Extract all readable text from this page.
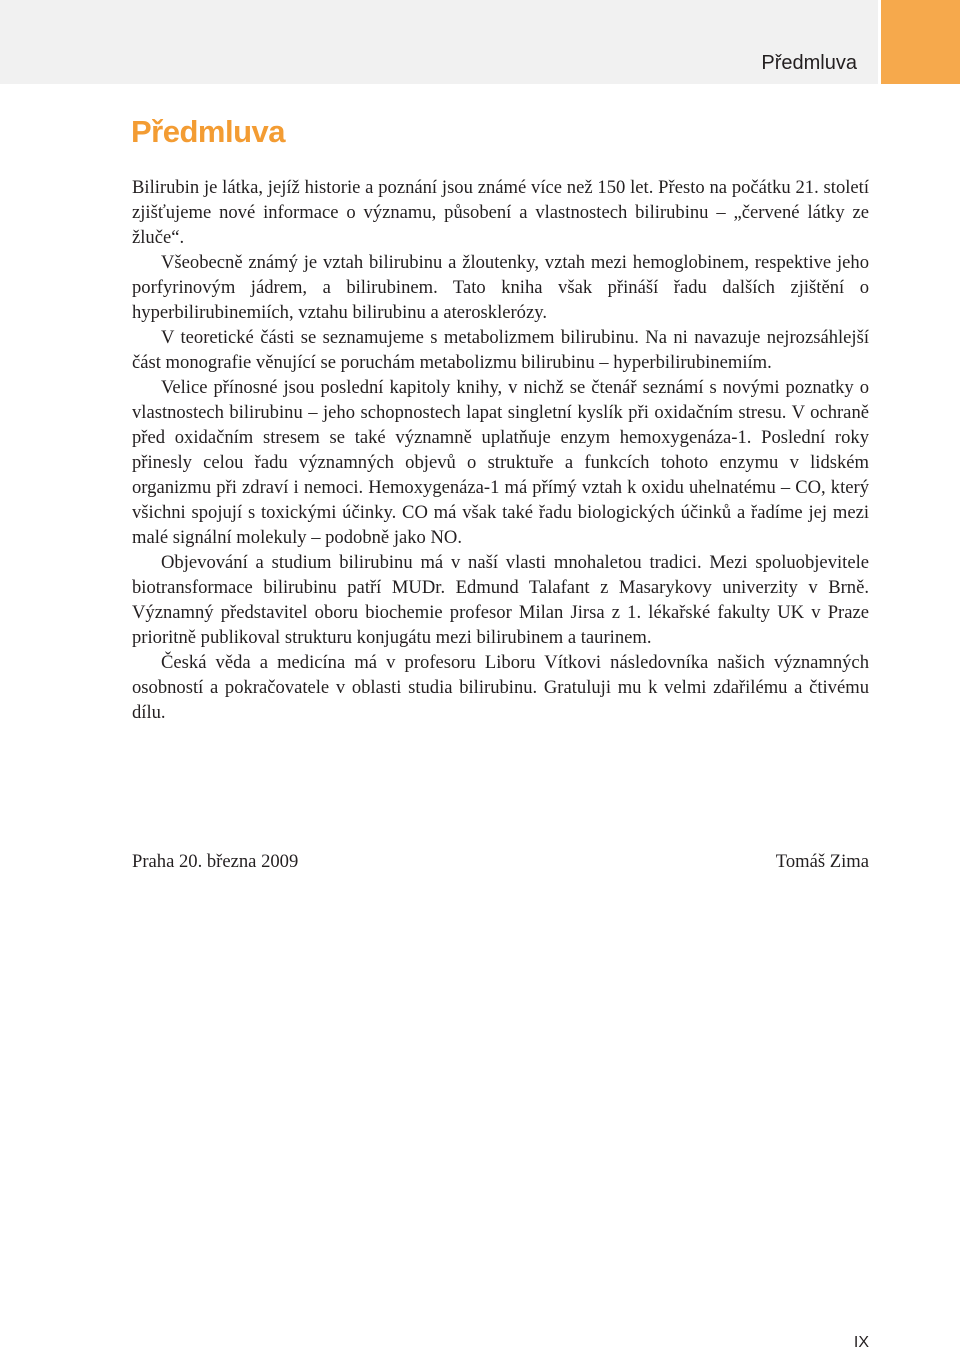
Předmluva
Předmluva

Bilirubin je látka, jejíž historie a poznání jsou známé více než 150 let. Přesto na počátku 21. století zjišťujeme nové informace o významu, působení a vlastnostech bilirubinu – „červené látky ze žluče“.

Všeobecně známý je vztah bilirubinu a žloutenky, vztah mezi hemoglobinem, respektive jeho porfyrinovým jádrem, a bilirubinem. Tato kniha však přináší řadu dalších zjištění o hyperbilirubinemiích, vztahu bilirubinu a aterosklerózy.

V teoretické části se seznamujeme s metabolizmem bilirubinu. Na ni navazuje nejrozsáhlejší část monografie věnující se poruchám metabolizmu bilirubinu – hyperbilirubinemiím.

Velice přínosné jsou poslední kapitoly knihy, v nichž se čtenář seznámí s novými poznatky o vlastnostech bilirubinu – jeho schopnostech lapat singletní kyslík při oxidačním stresu. V ochraně před oxidačním stresem se také významně uplatňuje enzym hemoxygenáza-1. Poslední roky přinesly celou řadu významných objevů o struktuře a funkcích tohoto enzymu v lidském organizmu při zdraví i nemoci. Hemoxygenáza-1 má přímý vztah k oxidu uhelnatému – CO, který všichni spojují s toxickými účinky. CO má však také řadu biologických účinků a řadíme jej mezi malé signální molekuly – podobně jako NO.

Objevování a studium bilirubinu má v naší vlasti mnohaletou tradici. Mezi spoluobjevitele biotransformace bilirubinu patří MUDr. Edmund Talafant z Masarykovy univerzity v Brně. Významný představitel oboru biochemie profesor Milan Jirsa z 1. lékařské fakulty UK v Praze prioritně publikoval strukturu konjugátu mezi bilirubinem a taurinem.

Česká věda a medicína má v profesoru Liboru Vítkovi následovníka našich významných osobností a pokračovatele v oblasti studia bilirubinu. Gratuluji mu k velmi zdařilému a čtivému dílu.

Praha 20. března 2009	Tomáš Zima
IX
